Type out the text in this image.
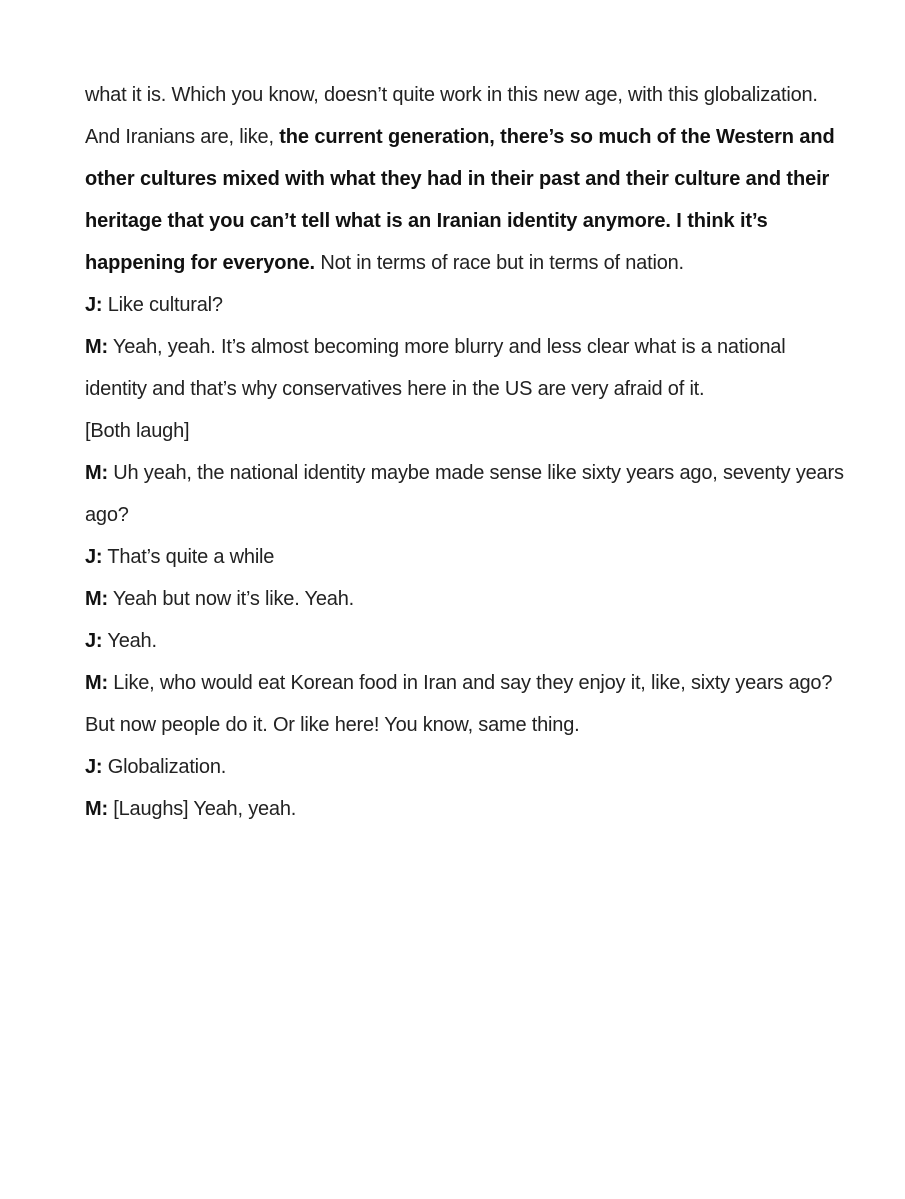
what it is. Which you know, doesn’t quite work in this new age, with this globalization. And Iranians are, like, the current generation, there’s so much of the Western and other cultures mixed with what they had in their past and their culture and their heritage that you can’t tell what is an Iranian identity anymore. I think it’s happening for everyone. Not in terms of race but in terms of nation.

J: Like cultural?

M: Yeah, yeah. It’s almost becoming more blurry and less clear what is a national identity and that’s why conservatives here in the US are very afraid of it.

[Both laugh]

M: Uh yeah, the national identity maybe made sense like sixty years ago, seventy years ago?

J: That’s quite a while

M: Yeah but now it’s like. Yeah.

J: Yeah.

M: Like, who would eat Korean food in Iran and say they enjoy it, like, sixty years ago? But now people do it. Or like here! You know, same thing.

J: Globalization.

M: [Laughs] Yeah, yeah.
